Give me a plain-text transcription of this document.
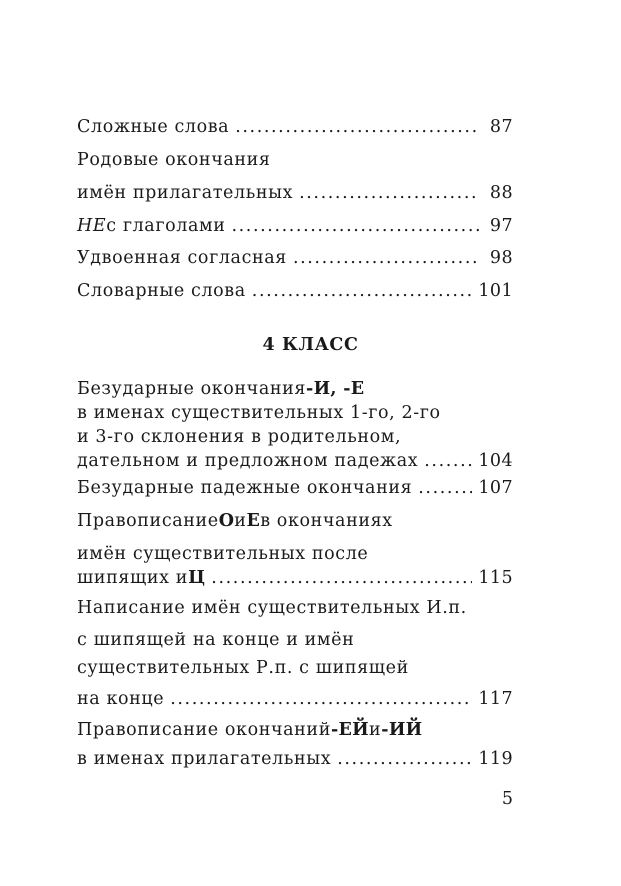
Сложные слова .....	87
Родовые окончания
имён прилагательных .....	88
НЕ с глаголами .....	97
Удвоенная согласная .....	98
Словарные слова .....	101
4 КЛАСС
Безударные окончания -И, -Е
в именах существительных 1-го, 2-го
и 3-го склонения в родительном,
дательном и предложном падежах .....	104
Безударные падежные окончания .....	107
Правописание О и Е в окончаниях
имён существительных после
шипящих и Ц .....	115
Написание имён существительных И.п.
с шипящей на конце и имён
существительных Р.п. с шипящей
на конце .....	117
Правописание окончаний -ЕЙ и -ИЙ
в именах прилагательных .....	119
5
